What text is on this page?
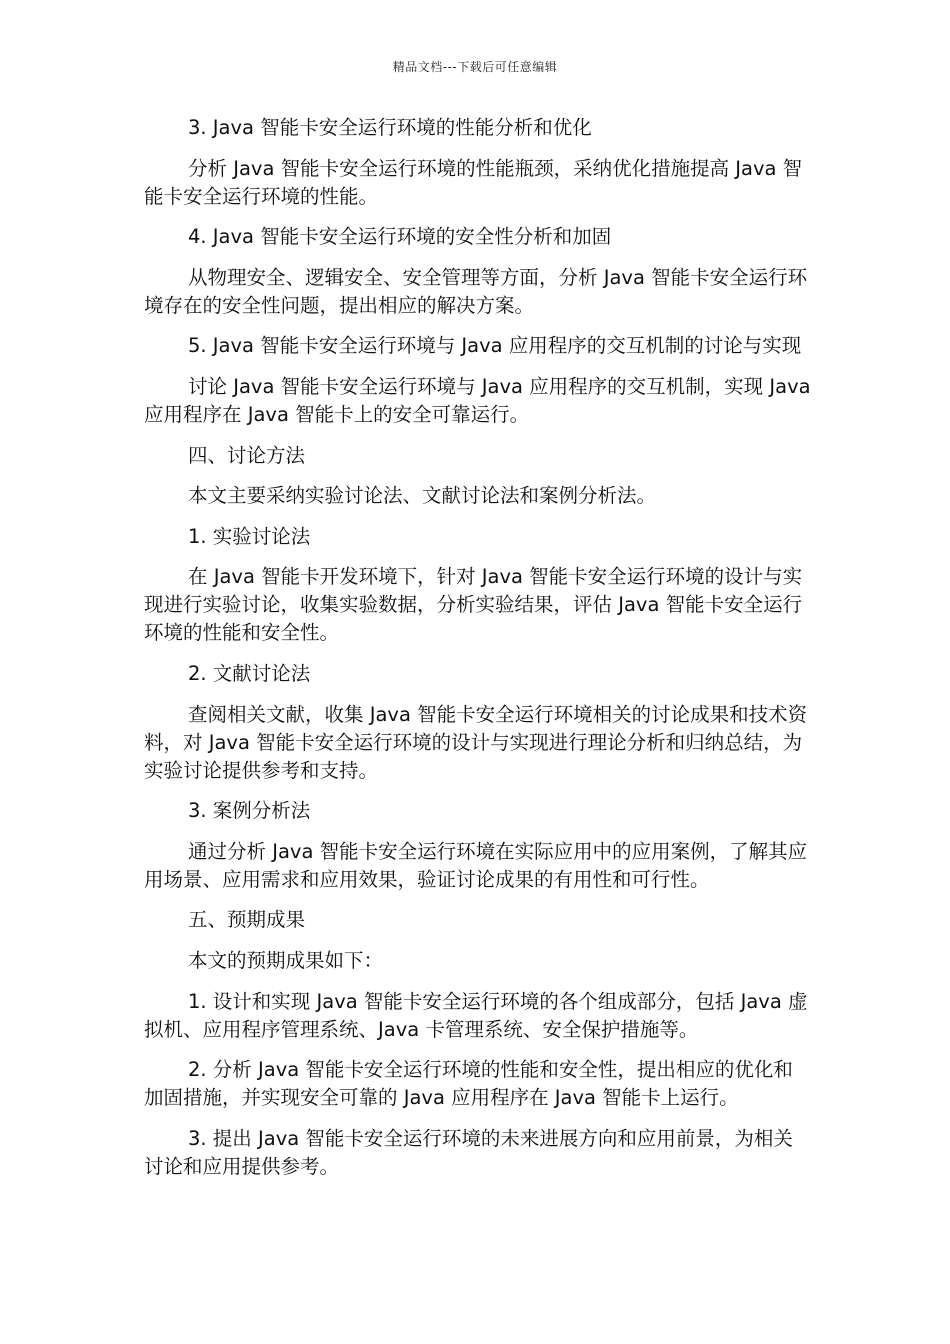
精品文档---下载后可任意编辑

3. Java 智能卡安全运行环境的性能分析和优化

分析 Java 智能卡安全运行环境的性能瓶颈，采纳优化措施提高 Java 智能卡安全运行环境的性能。

4. Java 智能卡安全运行环境的安全性分析和加固

从物理安全、逻辑安全、安全管理等方面，分析 Java 智能卡安全运行环境存在的安全性问题，提出相应的解决方案。

5. Java 智能卡安全运行环境与 Java 应用程序的交互机制的讨论与实现

讨论 Java 智能卡安全运行环境与 Java 应用程序的交互机制，实现 Java 应用程序在 Java 智能卡上的安全可靠运行。

四、讨论方法

本文主要采纳实验讨论法、文献讨论法和案例分析法。

1. 实验讨论法

在 Java 智能卡开发环境下，针对 Java 智能卡安全运行环境的设计与实现进行实验讨论，收集实验数据，分析实验结果，评估 Java 智能卡安全运行环境的性能和安全性。

2. 文献讨论法

查阅相关文献，收集 Java 智能卡安全运行环境相关的讨论成果和技术资料，对 Java 智能卡安全运行环境的设计与实现进行理论分析和归纳总结，为实验讨论提供参考和支持。

3. 案例分析法

通过分析 Java 智能卡安全运行环境在实际应用中的应用案例，了解其应用场景、应用需求和应用效果，验证讨论成果的有用性和可行性。

五、预期成果

本文的预期成果如下：

1. 设计和实现 Java 智能卡安全运行环境的各个组成部分，包括 Java 虚拟机、应用程序管理系统、Java 卡管理系统、安全保护措施等。

2. 分析 Java 智能卡安全运行环境的性能和安全性，提出相应的优化和加固措施，并实现安全可靠的 Java 应用程序在 Java 智能卡上运行。

3. 提出 Java 智能卡安全运行环境的未来进展方向和应用前景，为相关讨论和应用提供参考。
